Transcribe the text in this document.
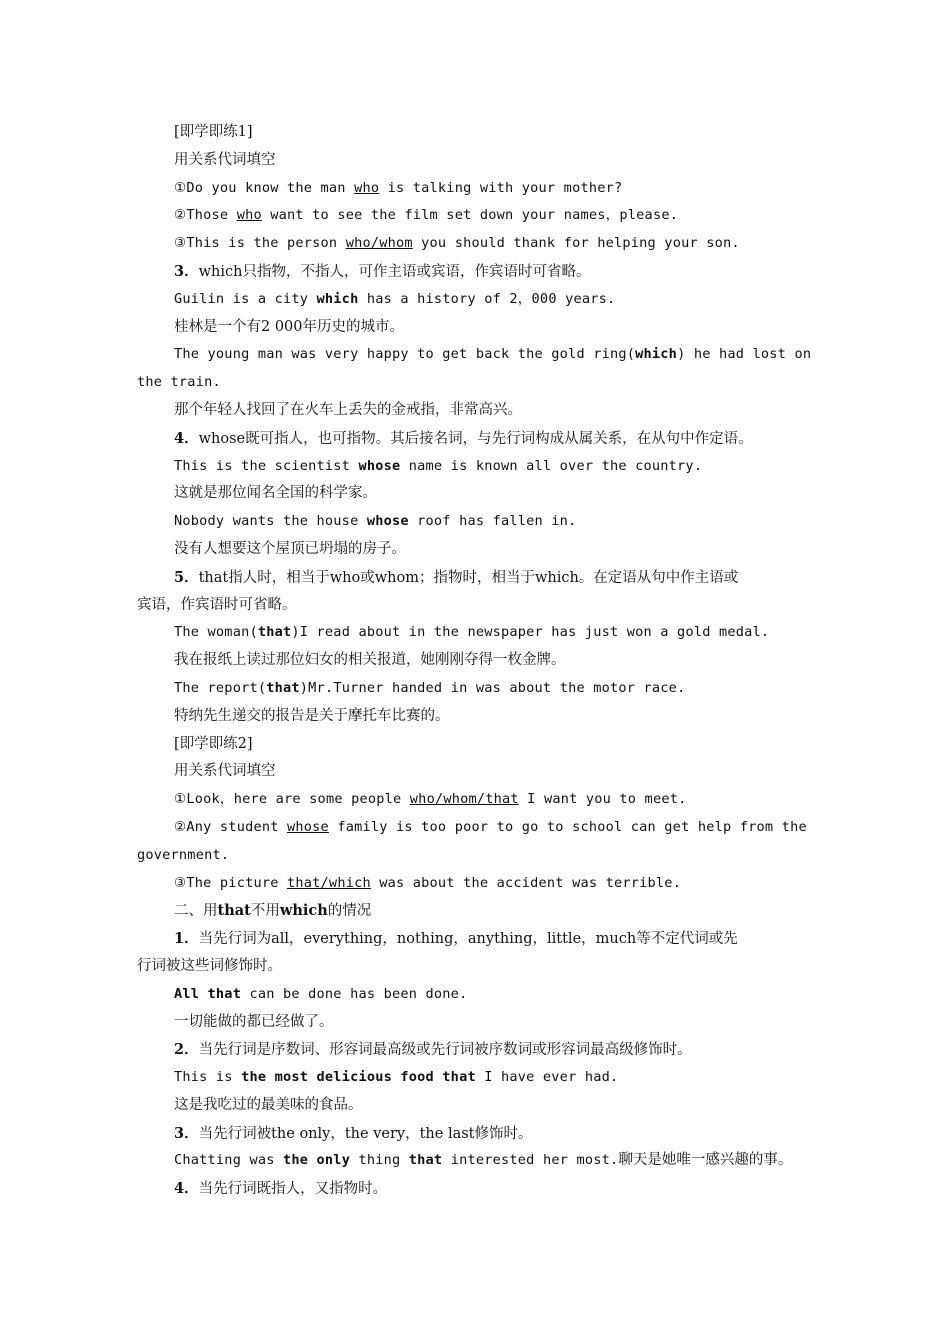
[即学即练1]
用关系代词填空
①Do you know the man who is talking with your mother?
②Those who want to see the film set down your names，please.
③This is the person who/whom you should thank for helping your son.
3．which只指物，不指人，可作主语或宾语，作宾语时可省略。
Guilin is a city which has a history of 2，000 years.
桂林是一个有2 000年历史的城市。
The young man was very happy to get back the gold ring(which) he had lost on
the train.
那个年轻人找回了在火车上丢失的金戒指，非常高兴。
4．whose既可指人，也可指物。其后接名词，与先行词构成从属关系，在从句中作定语。
This is the scientist whose name is known all over the country.
这就是那位闻名全国的科学家。
Nobody wants the house whose roof has fallen in.
没有人想要这个屋顶已坍塌的房子。
5．that指人时，相当于who或whom；指物时，相当于which。在定语从句中作主语或
宾语，作宾语时可省略。
The woman(that)I read about in the newspaper has just won a gold medal.
我在报纸上读过那位妇女的相关报道，她刚刚夺得一枚金牌。
The report(that)Mr.Turner handed in was about the motor race.
特纳先生递交的报告是关于摩托车比赛的。
[即学即练2]
用关系代词填空
①Look，here are some people who/whom/that I want you to meet.
②Any student whose family is too poor to go to school can get help from the
government.
③The picture that/which was about the accident was terrible.
二、用that不用which的情况
1．当先行词为all，everything，nothing，anything，little，much等不定代词或先
行词被这些词修饰时。
All that can be done has been done.
一切能做的都已经做了。
2．当先行词是序数词、形容词最高级或先行词被序数词或形容词最高级修饰时。
This is the most delicious food that I have ever had.
这是我吃过的最美味的食品。
3．当先行词被the only，the very，the last修饰时。
Chatting was the only thing that interested her most.聊天是她唯一感兴趣的事。
4．当先行词既指人，又指物时。
